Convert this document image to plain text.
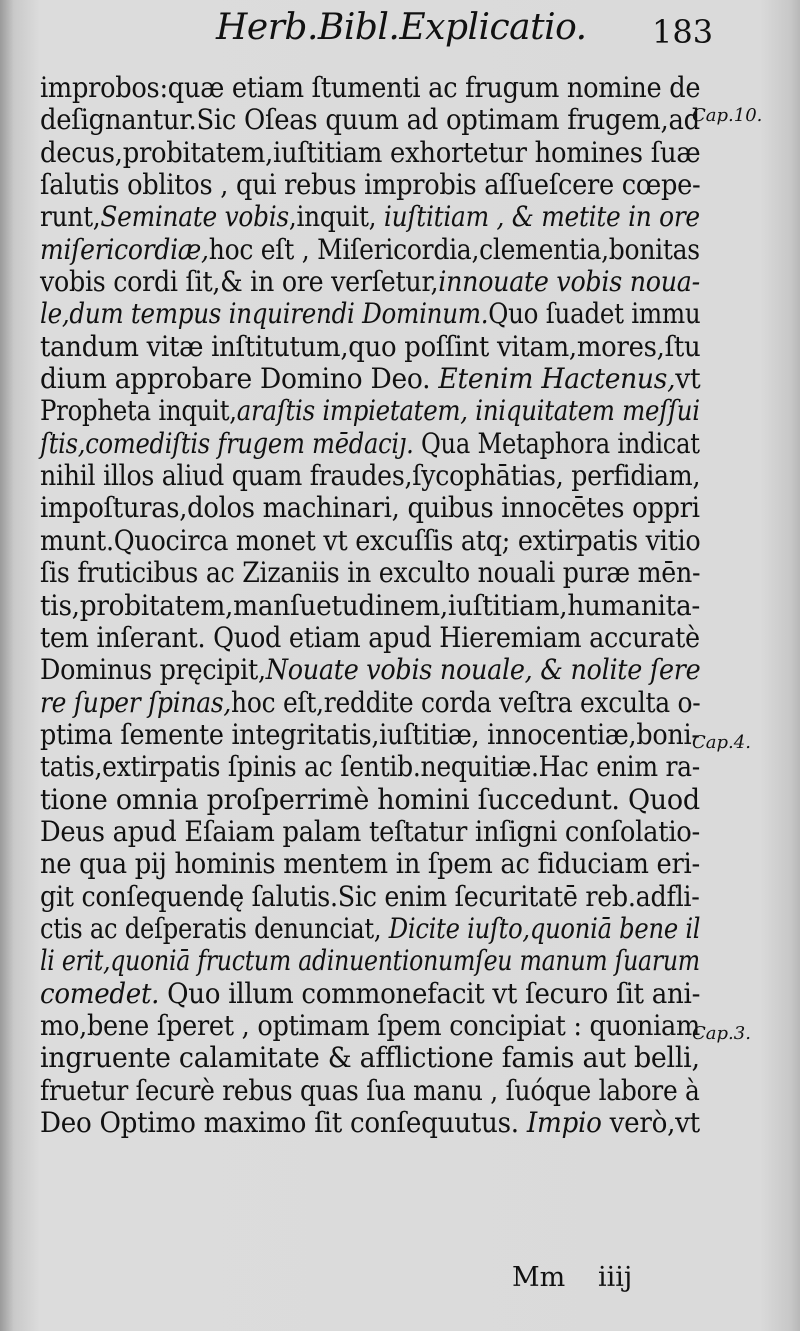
Herb.Bibl.Explicatio. 183
improbos:quæ etiam ſtumenti ac frugum nomine de
deſignantur.Sic Oſeas quum ad optimam frugem,ad
decus,probitatem,iuſtitiam exhortetur homines ſuæ
ſalutis oblitos , qui rebus improbis aſſueſcere cœpe-
runt,Seminate vobis,inquit, iuſtitiam , & metite in ore
miſericordiæ,hoc eſt , Miſericordia,clementia,bonitas
vobis cordi ſit,& in ore verſetur,innouate vobis noua-
le,dum tempus inquirendi Dominum.Quo ſuadet immu
tandum vitæ inſtitutum,quo poſſint vitam,mores,ſtu
dium approbare Domino Deo. Etenim Hactenus,vt
Propheta inquit,araſtis impietatem, iniquitatem meſſui
ſtis,comediſtis frugem mēdaciȷ. Qua Metaphora indicat
nihil illos aliud quam fraudes,ſycophātias, perfidiam,
impoſturas,dolos machinari, quibus innocētes oppri
munt.Quocirca monet vt excuſſis atq; extirpatis vitio
ſis fruticibus ac Zizaniis in exculto nouali puræ mēn-
tis,probitatem,manſuetudinem,iuſtitiam,humanita-
tem inſerant. Quod etiam apud Hieremiam accuratè
Dominus pręcipit,Nouate vobis nouale, & nolite ſere
re ſuper ſpinas,hoc eſt,reddite corda veſtra exculta o-
ptima ſemente integritatis,iuſtitiæ, innocentiæ,boni-
tatis,extirpatis ſpinis ac ſentib.nequitiæ.Hac enim ra-
tione omnia proſperrimè homini ſuccedunt. Quod
Deus apud Eſaiam palam teſtatur inſigni conſolatio-
ne qua pij hominis mentem in ſpem ac fiduciam eri-
git conſequendę ſalutis.Sic enim ſecuritatē reb.adfli-
ctis ac deſperatis denunciat, Dicite iuſto,quoniā bene il
li erit,quoniā fructum adinuentionumſeu manum ſuarum
comedet. Quo illum commonefacit vt ſecuro ſit ani-
mo,bene ſperet , optimam ſpem concipiat : quoniam
ingruente calamitate & afflictione famis aut belli,
fruetur ſecurè rebus quas ſua manu , ſuóque labore à
Deo Optimo maximo ſit conſequutus. Impio verò,vt
Cap.10.
Cap.4.
Cap.3.
Mm iiij
